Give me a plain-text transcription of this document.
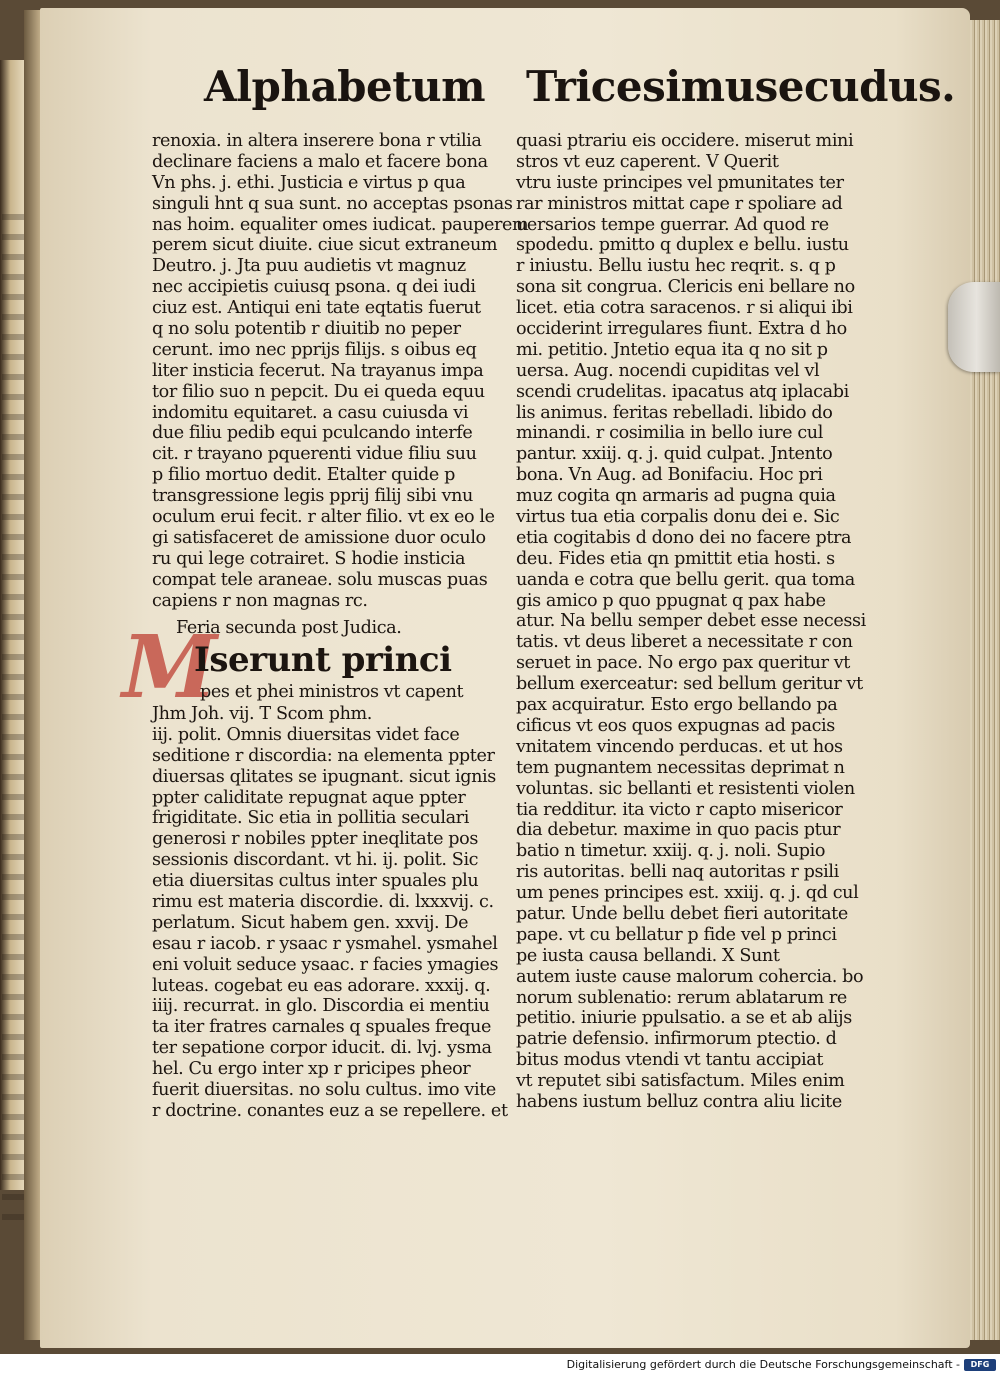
Alphabetum Tricesimusecudus.
renoxia. in altera inserere bona r vtilia
declinare faciens a malo et facere bona
Vn phs. j. ethi. Justicia e virtus p qua
singuli hnt q sua sunt. no acceptas psonas
nas hoim. equaliter omes iudicat. pauperem
perem sicut diuite. ciue sicut extraneum
Deutro. j. Jta puu audietis vt magnuz
nec accipietis cuiusq psona. q dei iudi
ciuz est. Antiqui eni tate eqtatis fuerut
q no solu potentib r diuitib no peper
cerunt. imo nec pprijs filijs. s oibus eq
liter insticia fecerut. Na trayanus impa
tor filio suo n pepcit. Du ei queda equu
indomitu equitaret. a casu cuiusda vi
due filiu pedib equi pculcando interfe
cit. r trayano pquerenti vidue filiu suu
p filio mortuo dedit. Etalter quide p
transgressione legis pprij filij sibi vnu
oculum erui fecit. r alter filio. vt ex eo le
gi satisfaceret de amissione duor oculo
ru qui lege cotrairet. S hodie insticia
compat tele araneae. solu muscas puas
capiens r non magnas rc.
Feria secunda post Judica.
M
Iserunt princi
pes et phei ministros vt capent
Jhm Joh. vij. T Scom phm.
iij. polit. Omnis diuersitas videt face
seditione r discordia: na elementa ppter
diuersas qlitates se ipugnant. sicut ignis
ppter caliditate repugnat aque ppter
frigiditate. Sic etia in pollitia seculari
generosi r nobiles ppter ineqlitate pos
sessionis discordant. vt hi. ij. polit. Sic
etia diuersitas cultus inter spuales plu
rimu est materia discordie. di. lxxxvij. c.
perlatum. Sicut habem gen. xxvij. De
esau r iacob. r ysaac r ysmahel. ysmahel
eni voluit seduce ysaac. r facies ymagies
luteas. cogebat eu eas adorare. xxxij. q.
iiij. recurrat. in glo. Discordia ei mentiu
ta iter fratres carnales q spuales freque
ter sepatione corpor iducit. di. lvj. ysma
hel. Cu ergo inter xp r pricipes pheor
fuerit diuersitas. no solu cultus. imo vite
r doctrine. conantes euz a se repellere. et
quasi ptrariu eis occidere. miserut mini
stros vt euz caperent. V Querit
vtru iuste principes vel pmunitates ter
rar ministros mittat cape r spoliare ad
uersarios tempe guerrar. Ad quod re
spodedu. pmitto q duplex e bellu. iustu
r iniustu. Bellu iustu hec reqrit. s. q p
sona sit congrua. Clericis eni bellare no
licet. etia cotra saracenos. r si aliqui ibi
occiderint irregulares fiunt. Extra d ho
mi. petitio. Jntetio equa ita q no sit p
uersa. Aug. nocendi cupiditas vel vl
scendi crudelitas. ipacatus atq iplacabi
lis animus. feritas rebelladi. libido do
minandi. r cosimilia in bello iure cul
pantur. xxiij. q. j. quid culpat. Jntento
bona. Vn Aug. ad Bonifaciu. Hoc pri
muz cogita qn armaris ad pugna quia
virtus tua etia corpalis donu dei e. Sic
etia cogitabis d dono dei no facere ptra
deu. Fides etia qn pmittit etia hosti. s
uanda e cotra que bellu gerit. qua toma
gis amico p quo ppugnat q pax habe
atur. Na bellu semper debet esse necessi
tatis. vt deus liberet a necessitate r con
seruet in pace. No ergo pax queritur vt
bellum exerceatur: sed bellum geritur vt
pax acquiratur. Esto ergo bellando pa
cificus vt eos quos expugnas ad pacis
vnitatem vincendo perducas. et ut hos
tem pugnantem necessitas deprimat n
voluntas. sic bellanti et resistenti violen
tia redditur. ita victo r capto misericor
dia debetur. maxime in quo pacis ptur
batio n timetur. xxiij. q. j. noli. Supio
ris autoritas. belli naq autoritas r psili
um penes principes est. xxiij. q. j. qd cul
patur. Unde bellu debet fieri autoritate
pape. vt cu bellatur p fide vel p princi
pe iusta causa bellandi. X Sunt
autem iuste cause malorum cohercia. bo
norum sublenatio: rerum ablatarum re
petitio. iniurie ppulsatio. a se et ab alijs
patrie defensio. infirmorum ptectio. d
bitus modus vtendi vt tantu accipiat
vt reputet sibi satisfactum. Miles enim
habens iustum belluz contra aliu licite
Digitalisierung gefördert durch die Deutsche Forschungsgemeinschaft -	DFG
